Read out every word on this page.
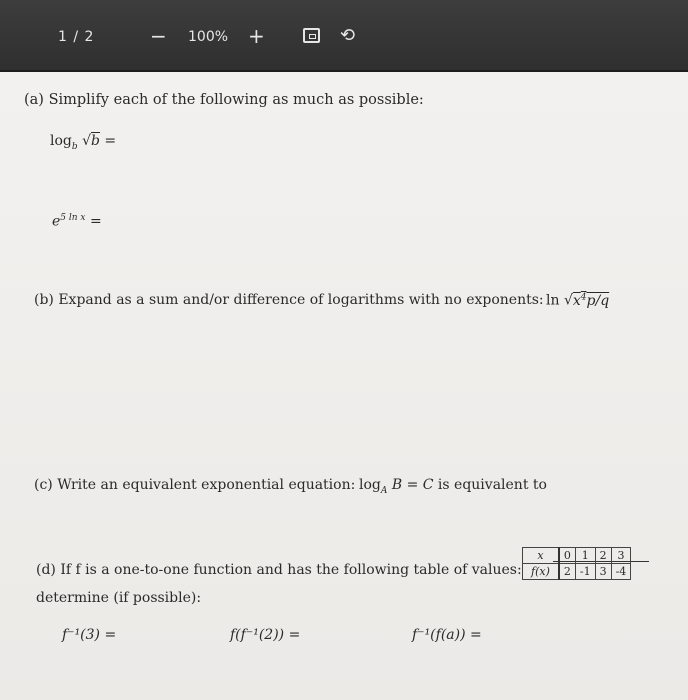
1 / 2	− 100% +	⟲
(a) Simplify each of the following as much as possible:
$\log_b √b$ =
$e^{5 ln x}$ =
(b) Expand as a sum and/or difference of logarithms with no exponents: $\ln √x^4p/q$
(c) Write an equivalent exponential equation: $\log_A B = C$ is equivalent to
(d) If f is a one-to-one function and has the following table of values:
determine (if possible):
f⁻¹(3) =	f(f⁻¹(2)) =	f⁻¹(f(a)) =
x	0	1	2	3
f(x)	2	-1	3	-4
